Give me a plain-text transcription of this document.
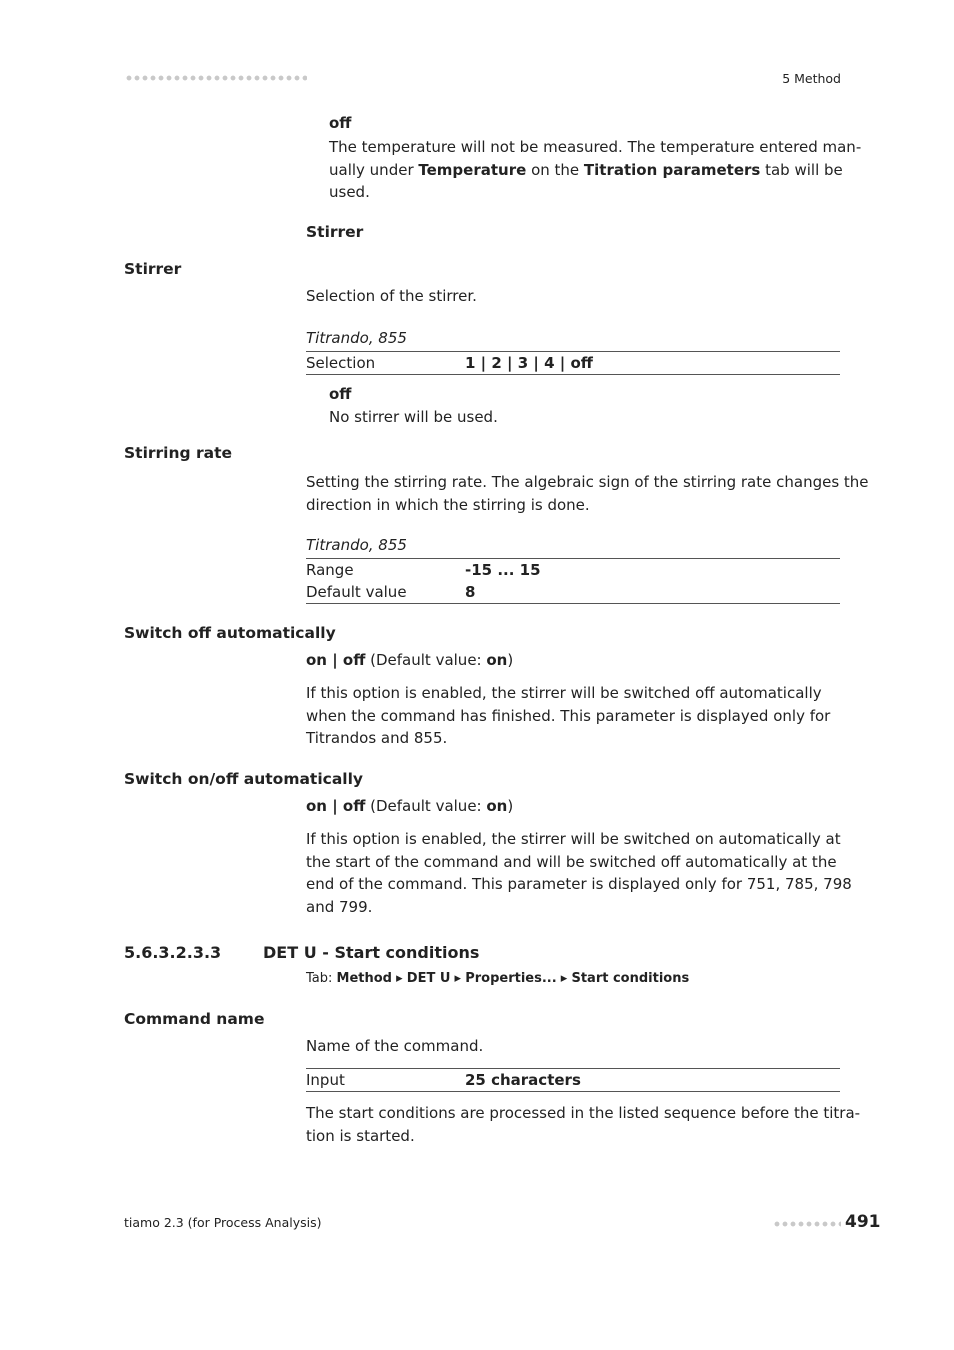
5 Method
off
The temperature will not be measured. The temperature entered man-
ually under Temperature on the Titration parameters tab will be
used.
Stirrer
Stirrer
Selection of the stirrer.
Titrando, 855
Selection	1 | 2 | 3 | 4 | off
off
No stirrer will be used.
Stirring rate
Setting the stirring rate. The algebraic sign of the stirring rate changes the
direction in which the stirring is done.
Titrando, 855
Range	-15 ... 15
Default value	8
Switch off automatically
on | off (Default value: on)
If this option is enabled, the stirrer will be switched off automatically
when the command has finished. This parameter is displayed only for
Titrandos and 855.
Switch on/off automatically
on | off (Default value: on)
If this option is enabled, the stirrer will be switched on automatically at
the start of the command and will be switched off automatically at the
end of the command. This parameter is displayed only for 751, 785, 798
and 799.
5.6.3.2.3.3	DET U - Start conditions
Tab: Method ▸ DET U ▸ Properties... ▸ Start conditions
Command name
Name of the command.
Input	25 characters
The start conditions are processed in the listed sequence before the titra-
tion is started.
tiamo 2.3 (for Process Analysis)	491
